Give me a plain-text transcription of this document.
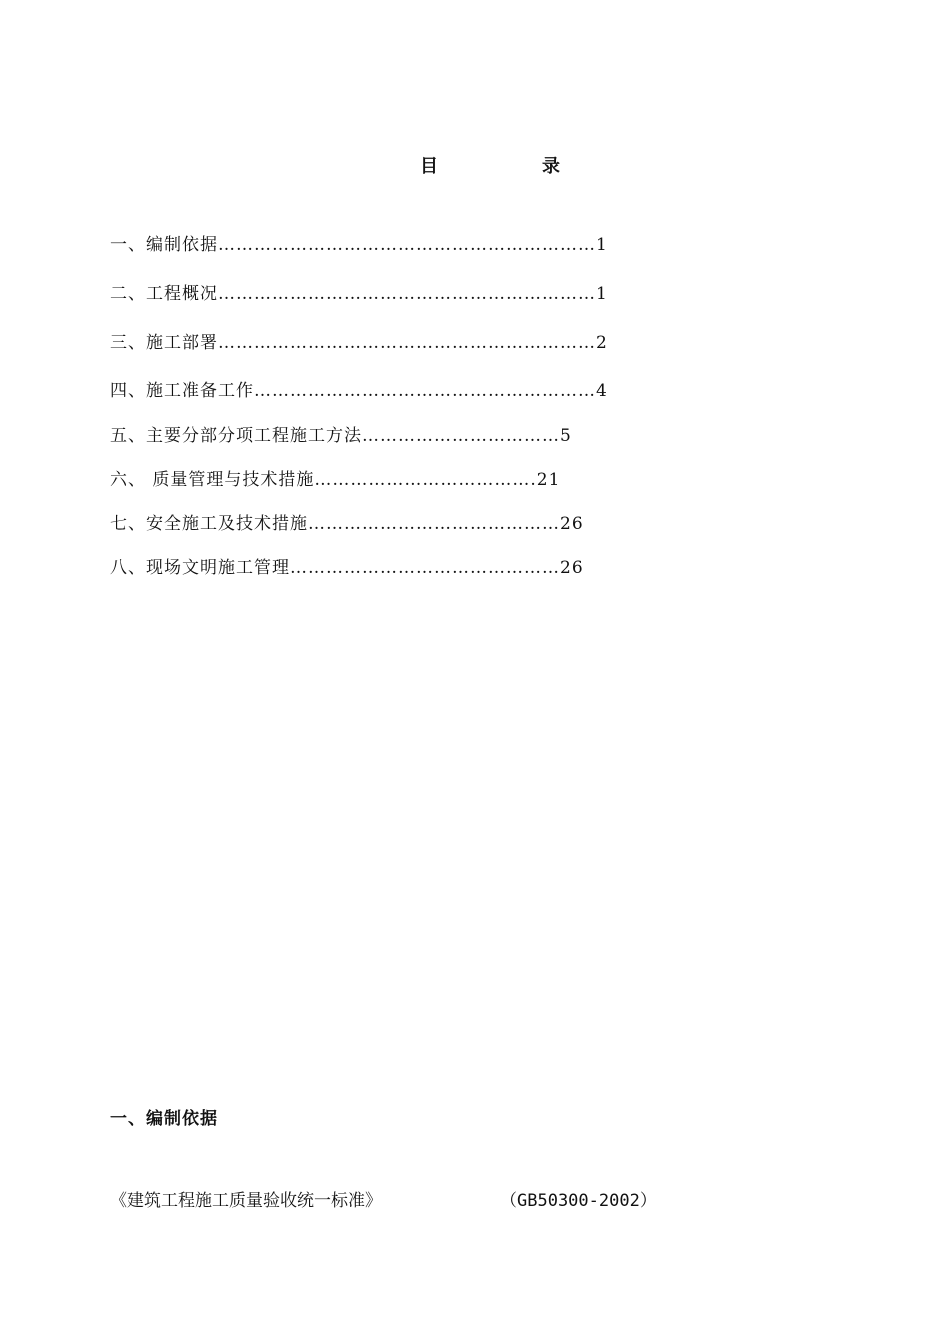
目	录
一、编制依据………………………………………………………1
二、工程概况………………………………………………………1
三、施工部署………………………………………………………2
四、施工准备工作…………………………………………………4
五、主要分部分项工程施工方法……………………………5
六、 质量管理与技术措施……………………………….21
七、安全施工及技术措施……………………………………26
八、现场文明施工管理………………………………………26
一、编制依据
《建筑工程施工质量验收统一标准》	（GB50300-2002）
